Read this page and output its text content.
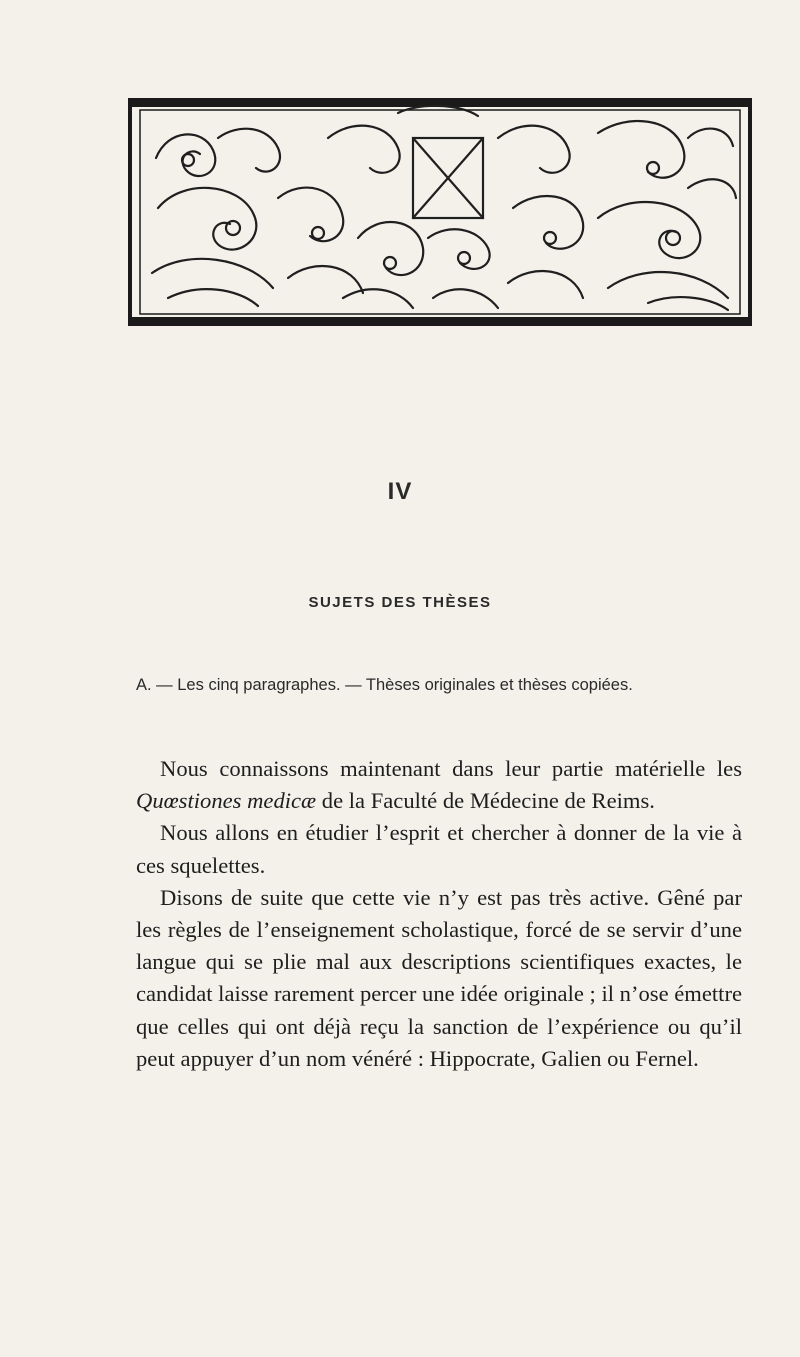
IV
SUJETS DES THÈSES
A. — Les cinq paragraphes. — Thèses originales et thèses copiées.

Nous connaissons maintenant dans leur partie matérielle les Quœstiones medicæ de la Faculté de Médecine de Reims.

Nous allons en étudier l’esprit et chercher à donner de la vie à ces squelettes.

Disons de suite que cette vie n’y est pas très active. Gêné par les règles de l’enseignement scholastique, forcé de se servir d’une langue qui se plie mal aux descriptions scientifiques exactes, le candidat laisse rarement percer une idée originale ; il n’ose émettre que celles qui ont déjà reçu la sanction de l’expérience ou qu’il peut appuyer d’un nom vénéré : Hippocrate, Galien ou Fernel.
